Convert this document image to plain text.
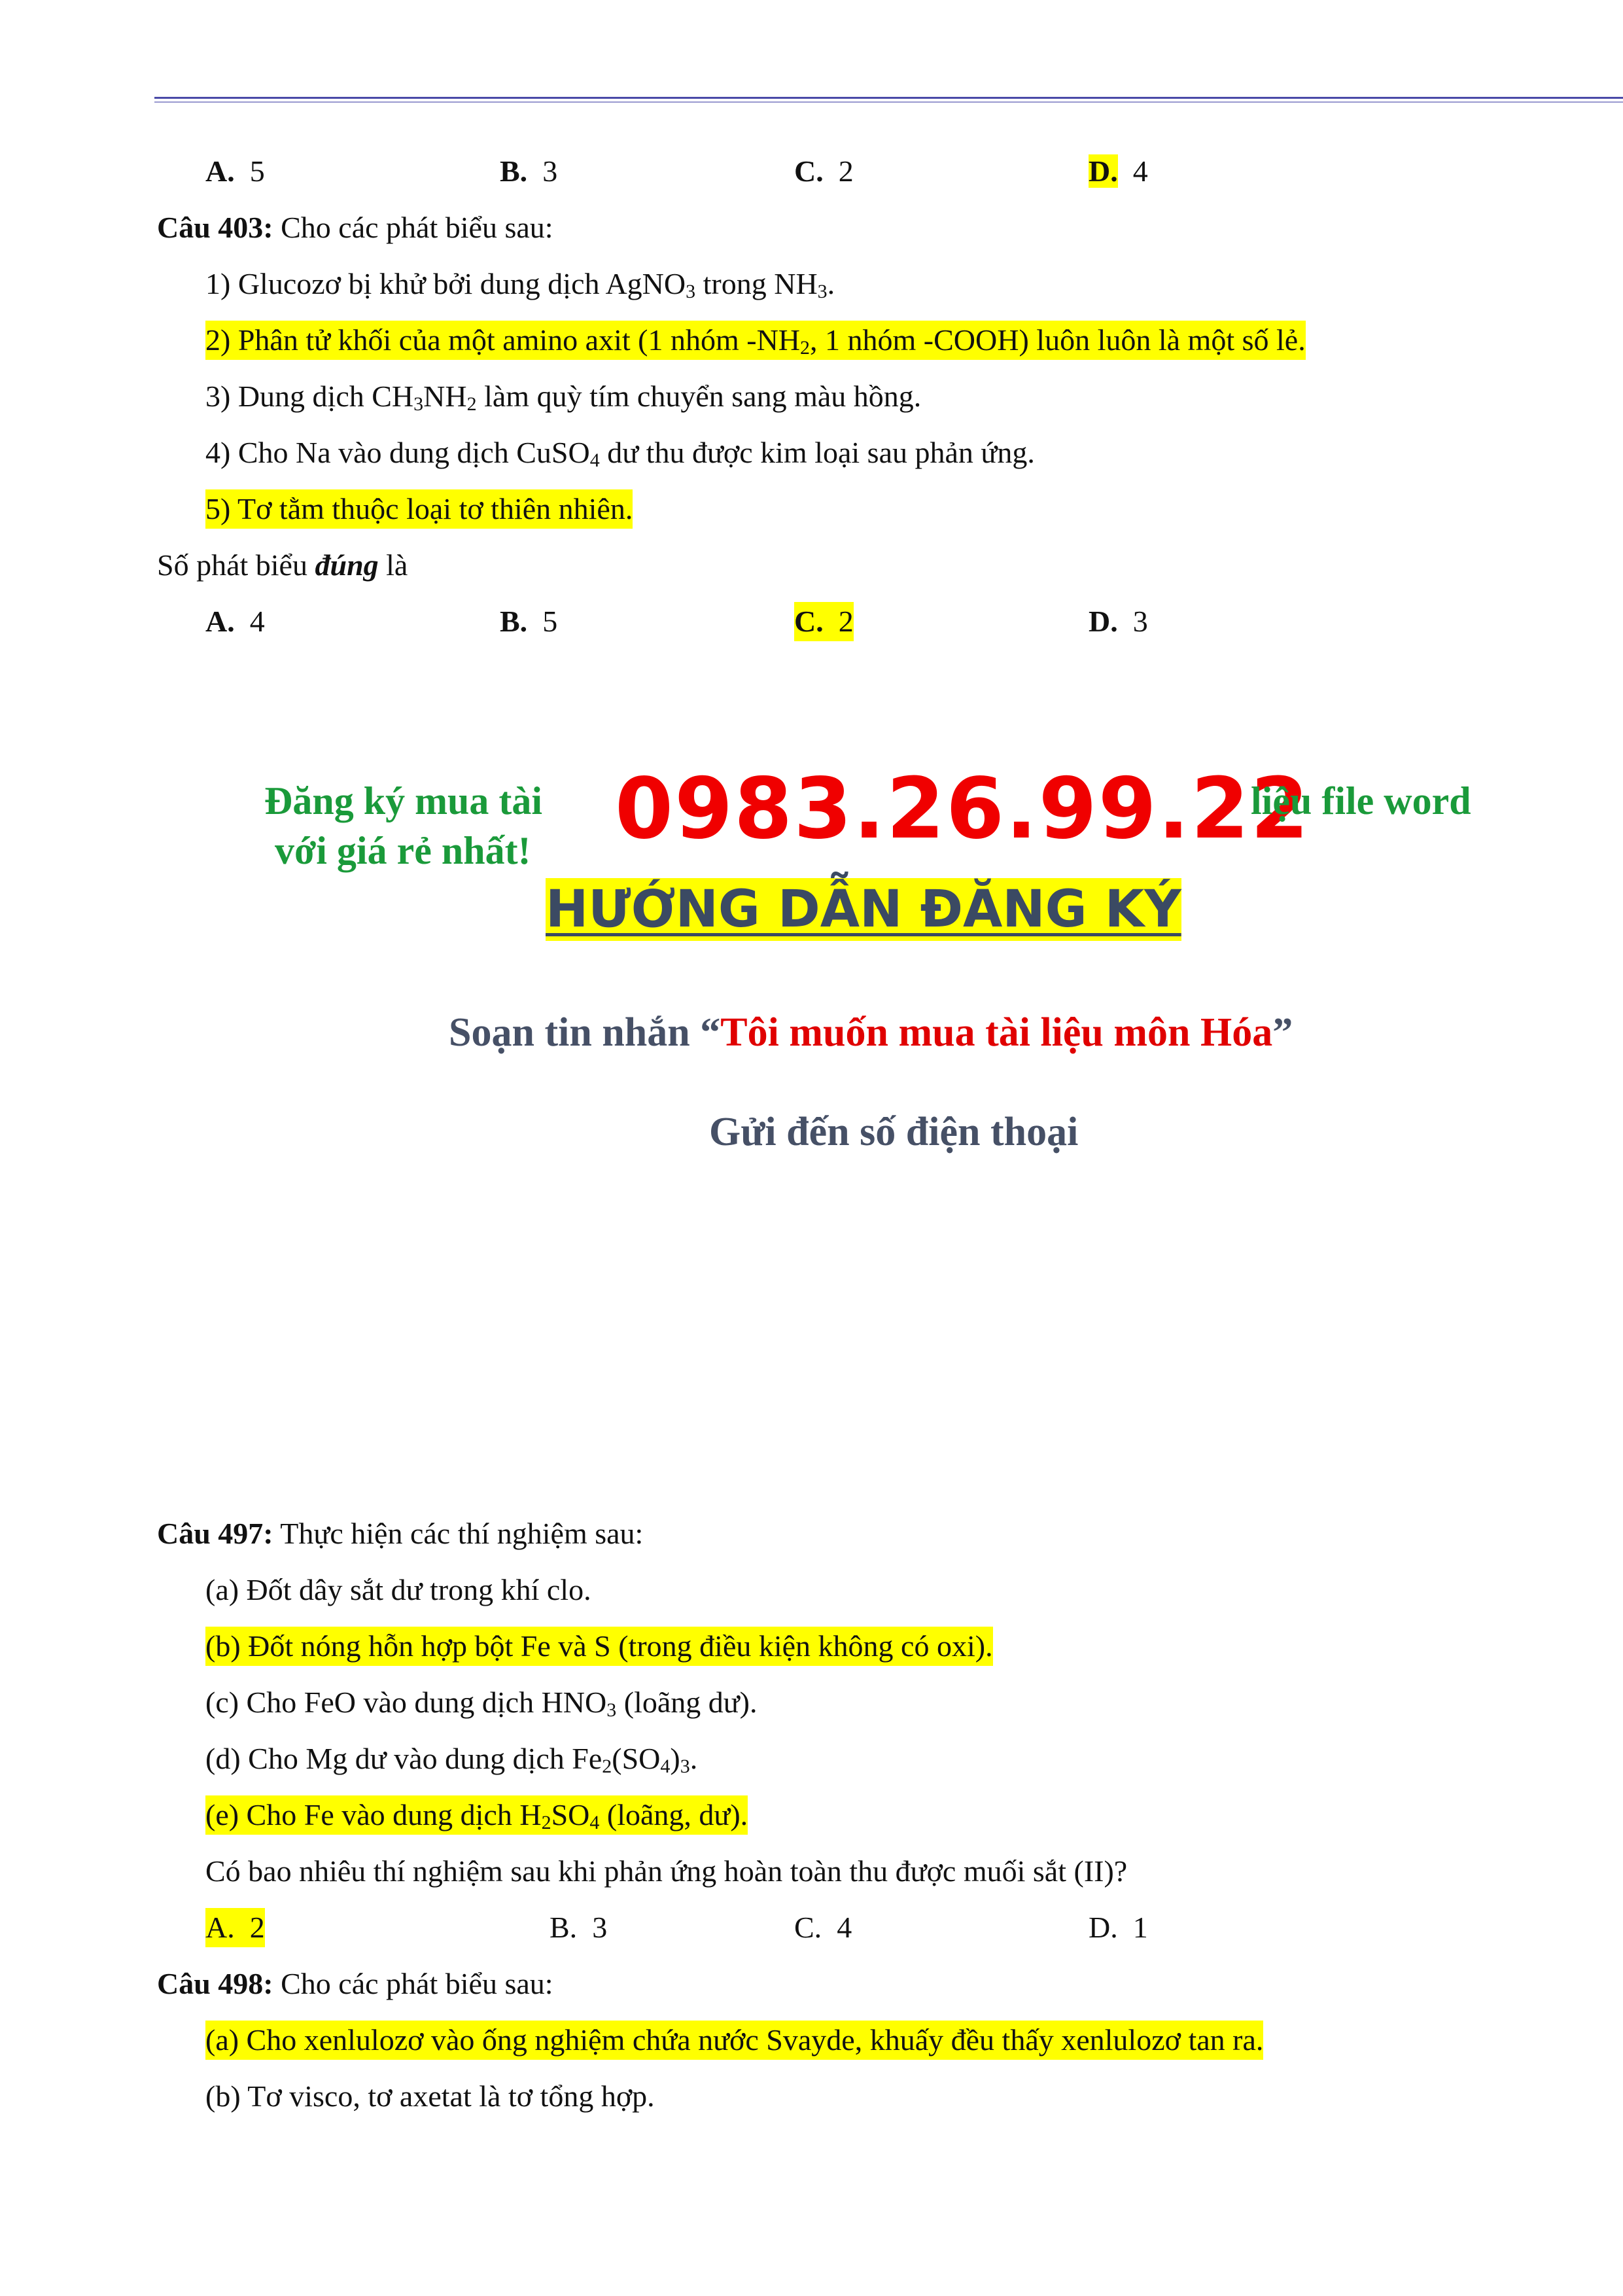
A. 5	B. 3	C. 2	D. 4
Câu 403: Cho các phát biểu sau:
1) Glucozơ bị khử bởi dung dịch AgNO$_3$ trong $NH_3$.
2) Phân tử khối của một amino axit (1 nhóm $-NH_2$, 1 nhóm -COOH) luôn luôn là một số lẻ.
3) Dung dịch $CH_3NH_2$ làm quỳ tím chuyển sang màu hồng.
4) Cho Na vào dung dịch CuSO$_4$ dư thu được kim loại sau phản ứng.
5) Tơ tằm thuộc loại tơ thiên nhiên.
Số phát biểu đúng là
A. 4	B. 5	C. 2	D. 3
Đăng ký mua tài
với giá rẻ nhất! 0983.26.99.22
liệu file word
HƯỚNG DẪN ĐĂNG KÝ
Soạn tin nhắn “Tôi muốn mua tài liệu môn Hóa”
Gửi đến số điện thoại
Câu 497: Thực hiện các thí nghiệm sau:
(a) Đốt dây sắt dư trong khí clo.
(b) Đốt nóng hỗn hợp bột Fe và S (trong điều kiện không có oxi).
(c) Cho FeO vào dung dịch $HNO_3$ (loãng dư).
(d) Cho Mg dư vào dung dịch $Fe_2(SO_4)_3$.
(e) Cho Fe vào dung dịch $H_2SO_4$ (loãng, dư).
Có bao nhiêu thí nghiệm sau khi phản ứng hoàn toàn thu được muối sắt (II)?
A. 2	B. 3	C. 4	D. 1
Câu 498: Cho các phát biểu sau:
(a) Cho xenlulozơ vào ống nghiệm chứa nước Svayde, khuấy đều thấy xenlulozơ tan ra.
(b) Tơ visco, tơ axetat là tơ tổng hợp.
